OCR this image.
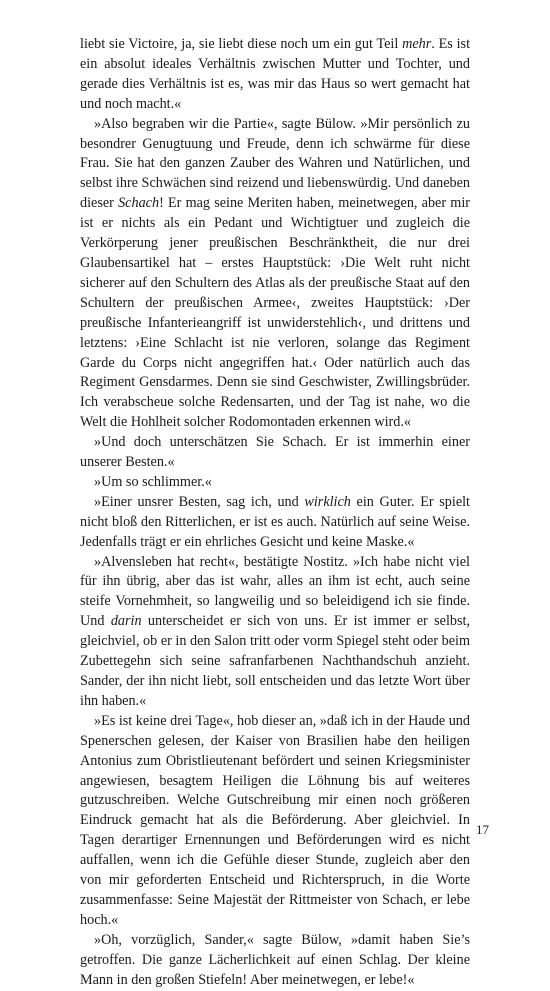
liebt sie Victoire, ja, sie liebt diese noch um ein gut Teil mehr. Es ist ein absolut ideales Verhältnis zwischen Mutter und Tochter, und gerade dies Verhältnis ist es, was mir das Haus so wert gemacht hat und noch macht.«

»Also begraben wir die Partie«, sagte Bülow. »Mir persönlich zu besondrer Genugtuung und Freude, denn ich schwärme für diese Frau. Sie hat den ganzen Zauber des Wahren und Natürlichen, und selbst ihre Schwächen sind reizend und liebenswürdig. Und daneben dieser Schach! Er mag seine Meriten haben, meinetwegen, aber mir ist er nichts als ein Pedant und Wichtigtuer und zugleich die Verkörperung jener preußischen Beschränktheit, die nur drei Glaubensartikel hat – erstes Hauptstück: ›Die Welt ruht nicht sicherer auf den Schultern des Atlas als der preußische Staat auf den Schultern der preußischen Armee‹, zweites Hauptstück: ›Der preußische Infanterieangriff ist unwiderstehlich‹, und drittens und letztens: ›Eine Schlacht ist nie verloren, solange das Regiment Garde du Corps nicht angegriffen hat.‹ Oder natürlich auch das Regiment Gensdarmes. Denn sie sind Geschwister, Zwillingsbrüder. Ich verabscheue solche Redensarten, und der Tag ist nahe, wo die Welt die Hohlheit solcher Rodomontaden erkennen wird.«

»Und doch unterschätzen Sie Schach. Er ist immerhin einer unserer Besten.«

»Um so schlimmer.«

»Einer unsrer Besten, sag ich, und wirklich ein Guter. Er spielt nicht bloß den Ritterlichen, er ist es auch. Natürlich auf seine Weise. Jedenfalls trägt er ein ehrliches Gesicht und keine Maske.«

»Alvensleben hat recht«, bestätigte Nostitz. »Ich habe nicht viel für ihn übrig, aber das ist wahr, alles an ihm ist echt, auch seine steife Vornehmheit, so langweilig und so beleidigend ich sie finde. Und darin unterscheidet er sich von uns. Er ist immer er selbst, gleichviel, ob er in den Salon tritt oder vorm Spiegel steht oder beim Zubettegehn sich seine safranfarbenen Nachthandschuh anzieht. Sander, der ihn nicht liebt, soll entscheiden und das letzte Wort über ihn haben.«

»Es ist keine drei Tage«, hob dieser an, »daß ich in der Haude und Spenerschen gelesen, der Kaiser von Brasilien habe den heiligen Antonius zum Obristlieutenant befördert und seinen Kriegsminister angewiesen, besagtem Heiligen die Löhnung bis auf weiteres gutzuschreiben. Welche Gutschreibung mir einen noch größeren Eindruck gemacht hat als die Beförderung. Aber gleichviel. In Tagen derartiger Ernennungen und Beförderungen wird es nicht auffallen, wenn ich die Gefühle dieser Stunde, zugleich aber den von mir geforderten Entscheid und Richterspruch, in die Worte zusammenfasse: Seine Majestät der Rittmeister von Schach, er lebe hoch.«

»Oh, vorzüglich, Sander,« sagte Bülow, »damit haben Sie’s getroffen. Die ganze Lächerlichkeit auf einen Schlag. Der kleine Mann in den großen Stiefeln! Aber meinetwegen, er lebe!«

17
